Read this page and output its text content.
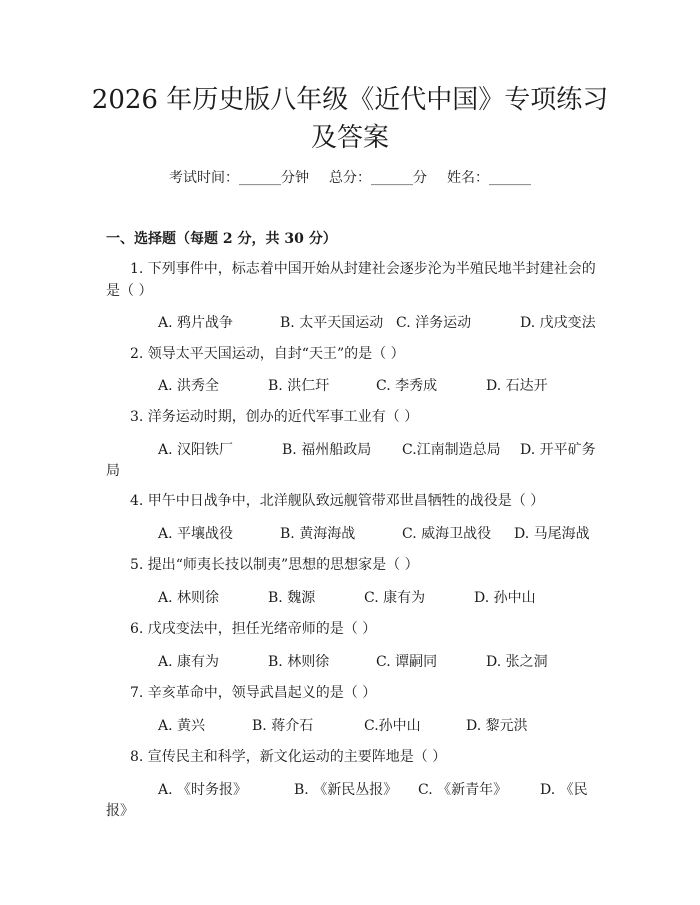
2026 年历史版八年级《近代中国》专项练习
及答案
考试时间：______分钟 总分：______分 姓名：______
一、选择题（每题 2 分，共 30 分）
1. 下列事件中，标志着中国开始从封建社会逐步沦为半殖民地半封建社会的
是（ ）
A. 鸦片战争	B. 太平天国运动 C. 洋务运动	D. 戊戌变法
2. 领导太平天国运动，自封“天王”的是（ ）
A. 洪秀全	B. 洪仁玕	C. 李秀成	D. 石达开
3. 洋务运动时期，创办的近代军事工业有（ ）
A. 汉阳铁厂	B. 福州船政局 C.江南制造总局 D. 开平矿务
局
4. 甲午中日战争中，北洋舰队致远舰管带邓世昌牺牲的战役是（ ）
A. 平壤战役	B. 黄海海战	C. 威海卫战役 D. 马尾海战
5. 提出“师夷长技以制夷”思想的思想家是（ ）
A. 林则徐	B. 魏源	C. 康有为	D. 孙中山
6. 戊戌变法中，担任光绪帝师的是（ ）
A. 康有为	B. 林则徐	C. 谭嗣同	D. 张之洞
7. 辛亥革命中，领导武昌起义的是（ ）
A. 黄兴	B. 蒋介石	C.孙中山	D. 黎元洪
8. 宣传民主和科学，新文化运动的主要阵地是（ ）
A. 《时务报》	B. 《新民丛报》 C. 《新青年》 D. 《民
报》
